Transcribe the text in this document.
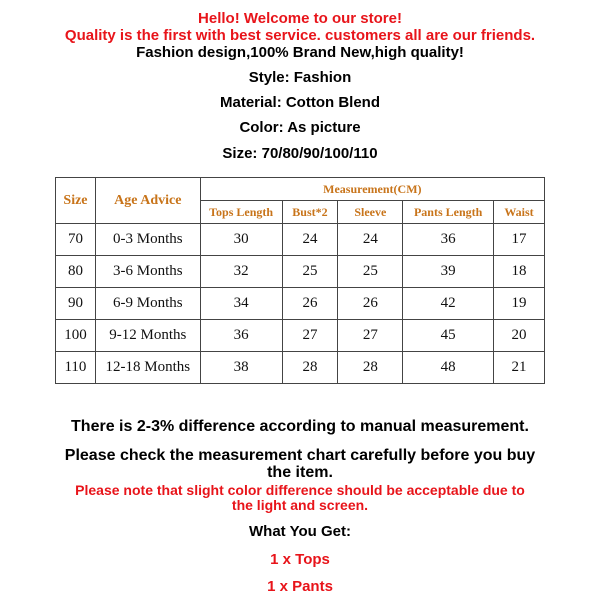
Hello! Welcome to our store!
Quality is the first with best service. customers all are our friends.
Fashion design,100% Brand New,high quality!
Style: Fashion
Material: Cotton Blend
Color: As picture
Size: 70/80/90/100/110
Size	Age Advice	Measurement(CM)				
		Tops Length	Bust*2	Sleeve	Pants Length	Waist
70	0-3 Months	30	24	24	36	17
80	3-6 Months	32	25	25	39	18
90	6-9 Months	34	26	26	42	19
100	9-12 Months	36	27	27	45	20
110	12-18 Months	38	28	28	48	21
There is 2-3% difference according to manual measurement.
Please check the measurement chart carefully before you buy
the item.
Please note that slight color difference should be acceptable due to
the light and screen.
What You Get:
1 x Tops
1 x Pants
